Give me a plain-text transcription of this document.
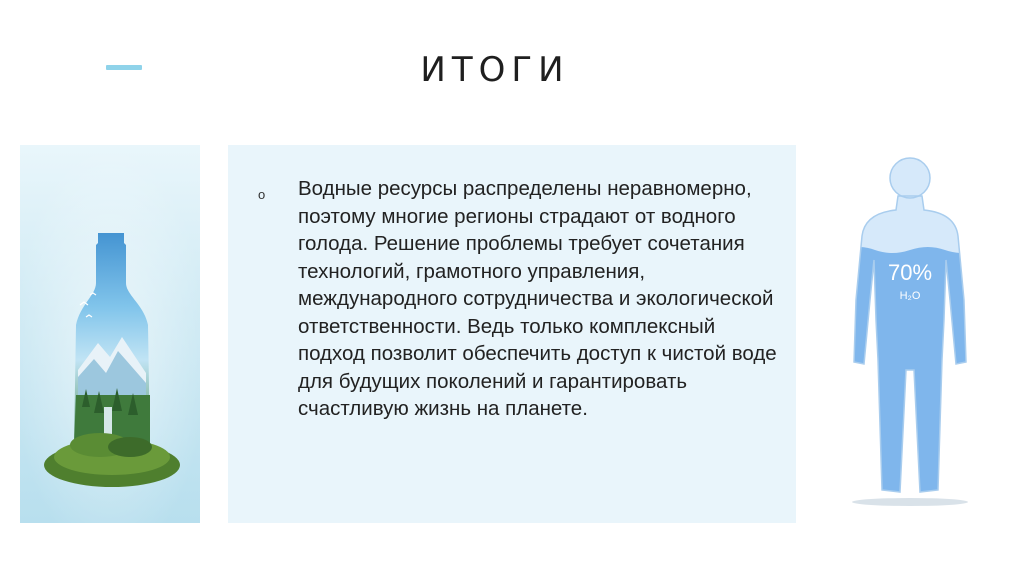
ИТОГИ
o Водные ресурсы распределены неравномерно, поэтому многие регионы страдают от водного голода. Решение проблемы требует сочетания технологий, грамотного управления, международного сотрудничества и экологической ответственности. Ведь только комплексный подход позволит обеспечить доступ к чистой воде для будущих поколений и гарантировать счастливую жизнь на планете.

70%
H₂O
